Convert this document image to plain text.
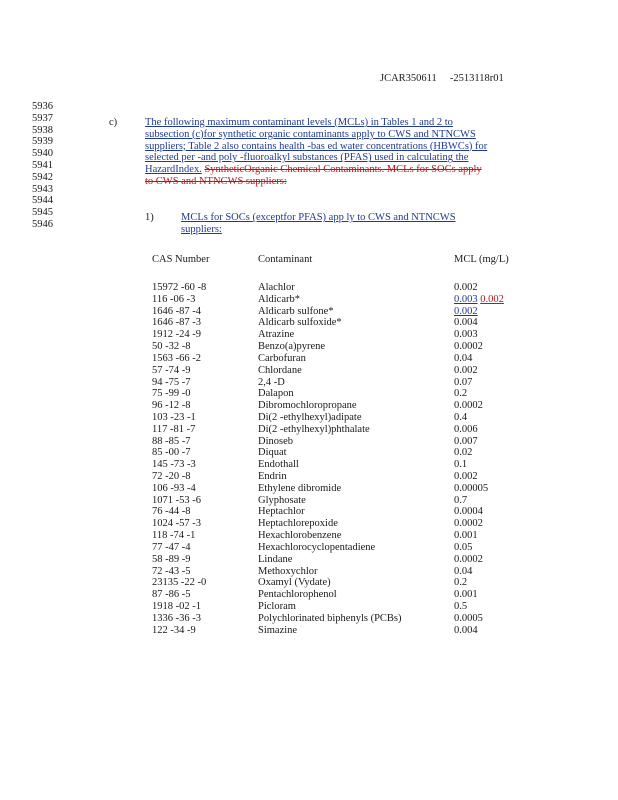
JCAR350611     -2513118r01
5936
5937
5938
5939
5940
5941
5942
5943
5944
5945
5946
c)	The following maximum contaminant levels (MCLs) in Tables 1 and 2 to
subsection (c)for synthetic organic contaminants apply to CWS and NTNCWS
suppliers; Table 2 also contains health -bas ed water concentrations (HBWCs) for
selected per -and poly -fluoroalkyl substances (PFAS) used in calculating the
HazardIndex. SyntheticOrganic Chemical Contaminants. MCLs for SOCs apply
to CWS and NTNCWS suppliers:
1)	MCLs for SOCs (exceptfor PFAS) app ly to CWS and NTNCWS
suppliers:
CAS Number	Contaminant	MCL (mg/L)
15972 -60 -8	Alachlor	0.002
116 -06 -3	Aldicarb*	0.003 0.002
1646 -87 -4	Aldicarb sulfone*	0.002
1646 -87 -3	Aldicarb sulfoxide*	0.004
1912 -24 -9	Atrazine	0.003
50 -32 -8	Benzo(a)pyrene	0.0002
1563 -66 -2	Carbofuran	0.04
57 -74 -9	Chlordane	0.002
94 -75 -7	2,4 -D	0.07
75 -99 -0	Dalapon	0.2
96 -12 -8	Dibromochloropropane	0.0002
103 -23 -1	Di(2 -ethylhexyl)adipate	0.4
117 -81 -7	Di(2 -ethylhexyl)phthalate	0.006
88 -85 -7	Dinoseb	0.007
85 -00 -7	Diquat	0.02
145 -73 -3	Endothall	0.1
72 -20 -8	Endrin	0.002
106 -93 -4	Ethylene dibromide	0.00005
1071 -53 -6	Glyphosate	0.7
76 -44 -8	Heptachlor	0.0004
1024 -57 -3	Heptachlorepoxide	0.0002
118 -74 -1	Hexachlorobenzene	0.001
77 -47 -4	Hexachlorocyclopentadiene	0.05
58 -89 -9	Lindane	0.0002
72 -43 -5	Methoxychlor	0.04
23135 -22 -0	Oxamyl (Vydate)	0.2
87 -86 -5	Pentachlorophenol	0.001
1918 -02 -1	Picloram	0.5
1336 -36 -3	Polychlorinated biphenyls (PCBs)	0.0005
122 -34 -9	Simazine	0.004
